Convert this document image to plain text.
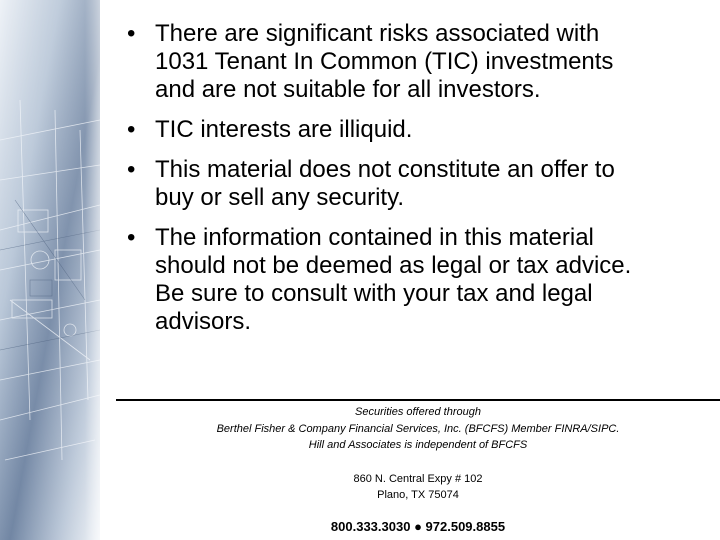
• There are significant risks associated with
1031 Tenant In Common (TIC) investments
and are not suitable for all investors.
• TIC interests are illiquid.
• This material does not constitute an offer to
buy or sell any security.
• The information contained in this material
should not be deemed as legal or tax advice.
Be sure to consult with your tax and legal
advisors.
Securities offered through
Berthel Fisher & Company Financial Services, Inc. (BFCFS) Member FINRA/SIPC.
Hill and Associates is independent of BFCFS
860 N. Central Expy # 102
Plano, TX 75074
800.333.3030 ● 972.509.8855
